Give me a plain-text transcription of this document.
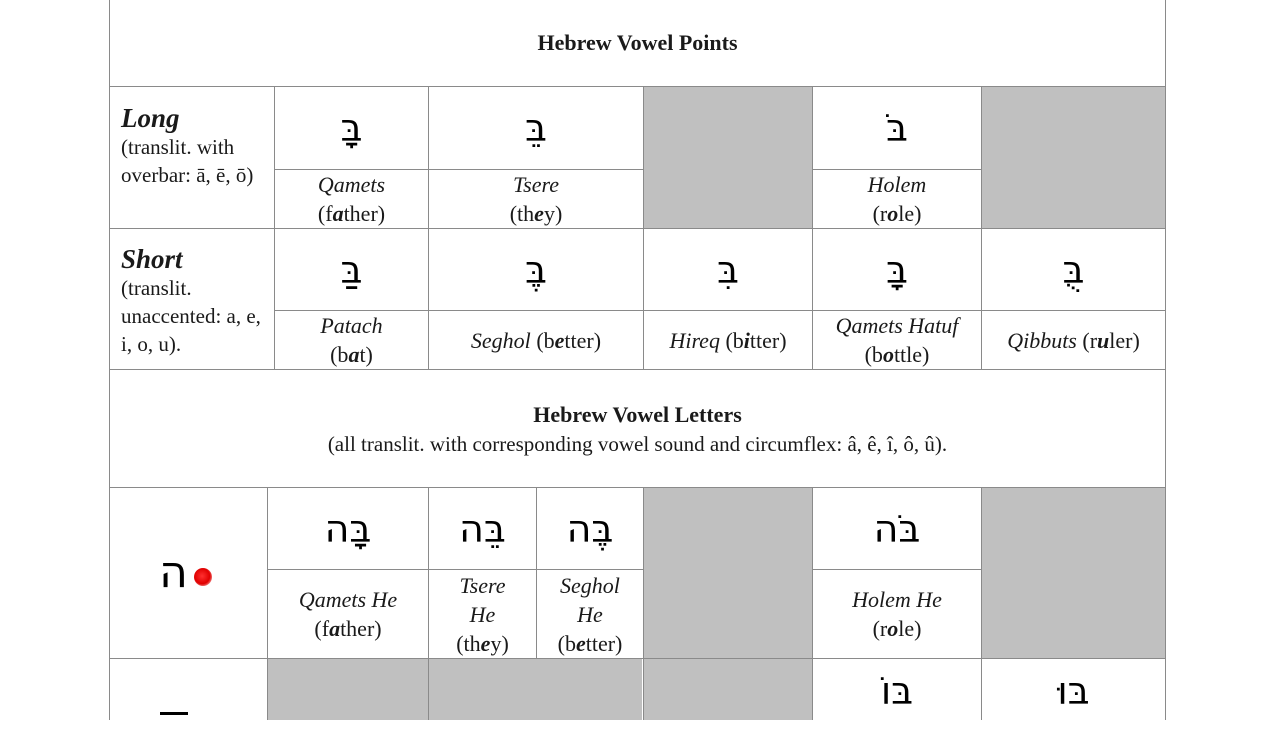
Hebrew Vowel Points
Long
(translit. with overbar: ā, ē, ō)
בָּ
Qamets
(father)
בֵּ
Tsere
(they)
בֹּ
Holem
(role)
Short
(translit. unaccented: a, e, i, o, u).
בַּ
Patach
(bat)
בֶּ
Seghol (better)
בִּ
Hireq (bitter)
בָּ
Qamets Hatuf
(bottle)
בֻּ
Qibbuts (ruler)
Hebrew Vowel Letters
(all translit. with corresponding vowel sound and circumflex: â, ê, î, ô, û).
ה
בָּה
Qamets He
(father)
בֵּה
Tsere
He
(they)
בֶּה
Seghol
He
(better)
בֹּה
Holem He
(role)
בּוֹ	בּוּ
